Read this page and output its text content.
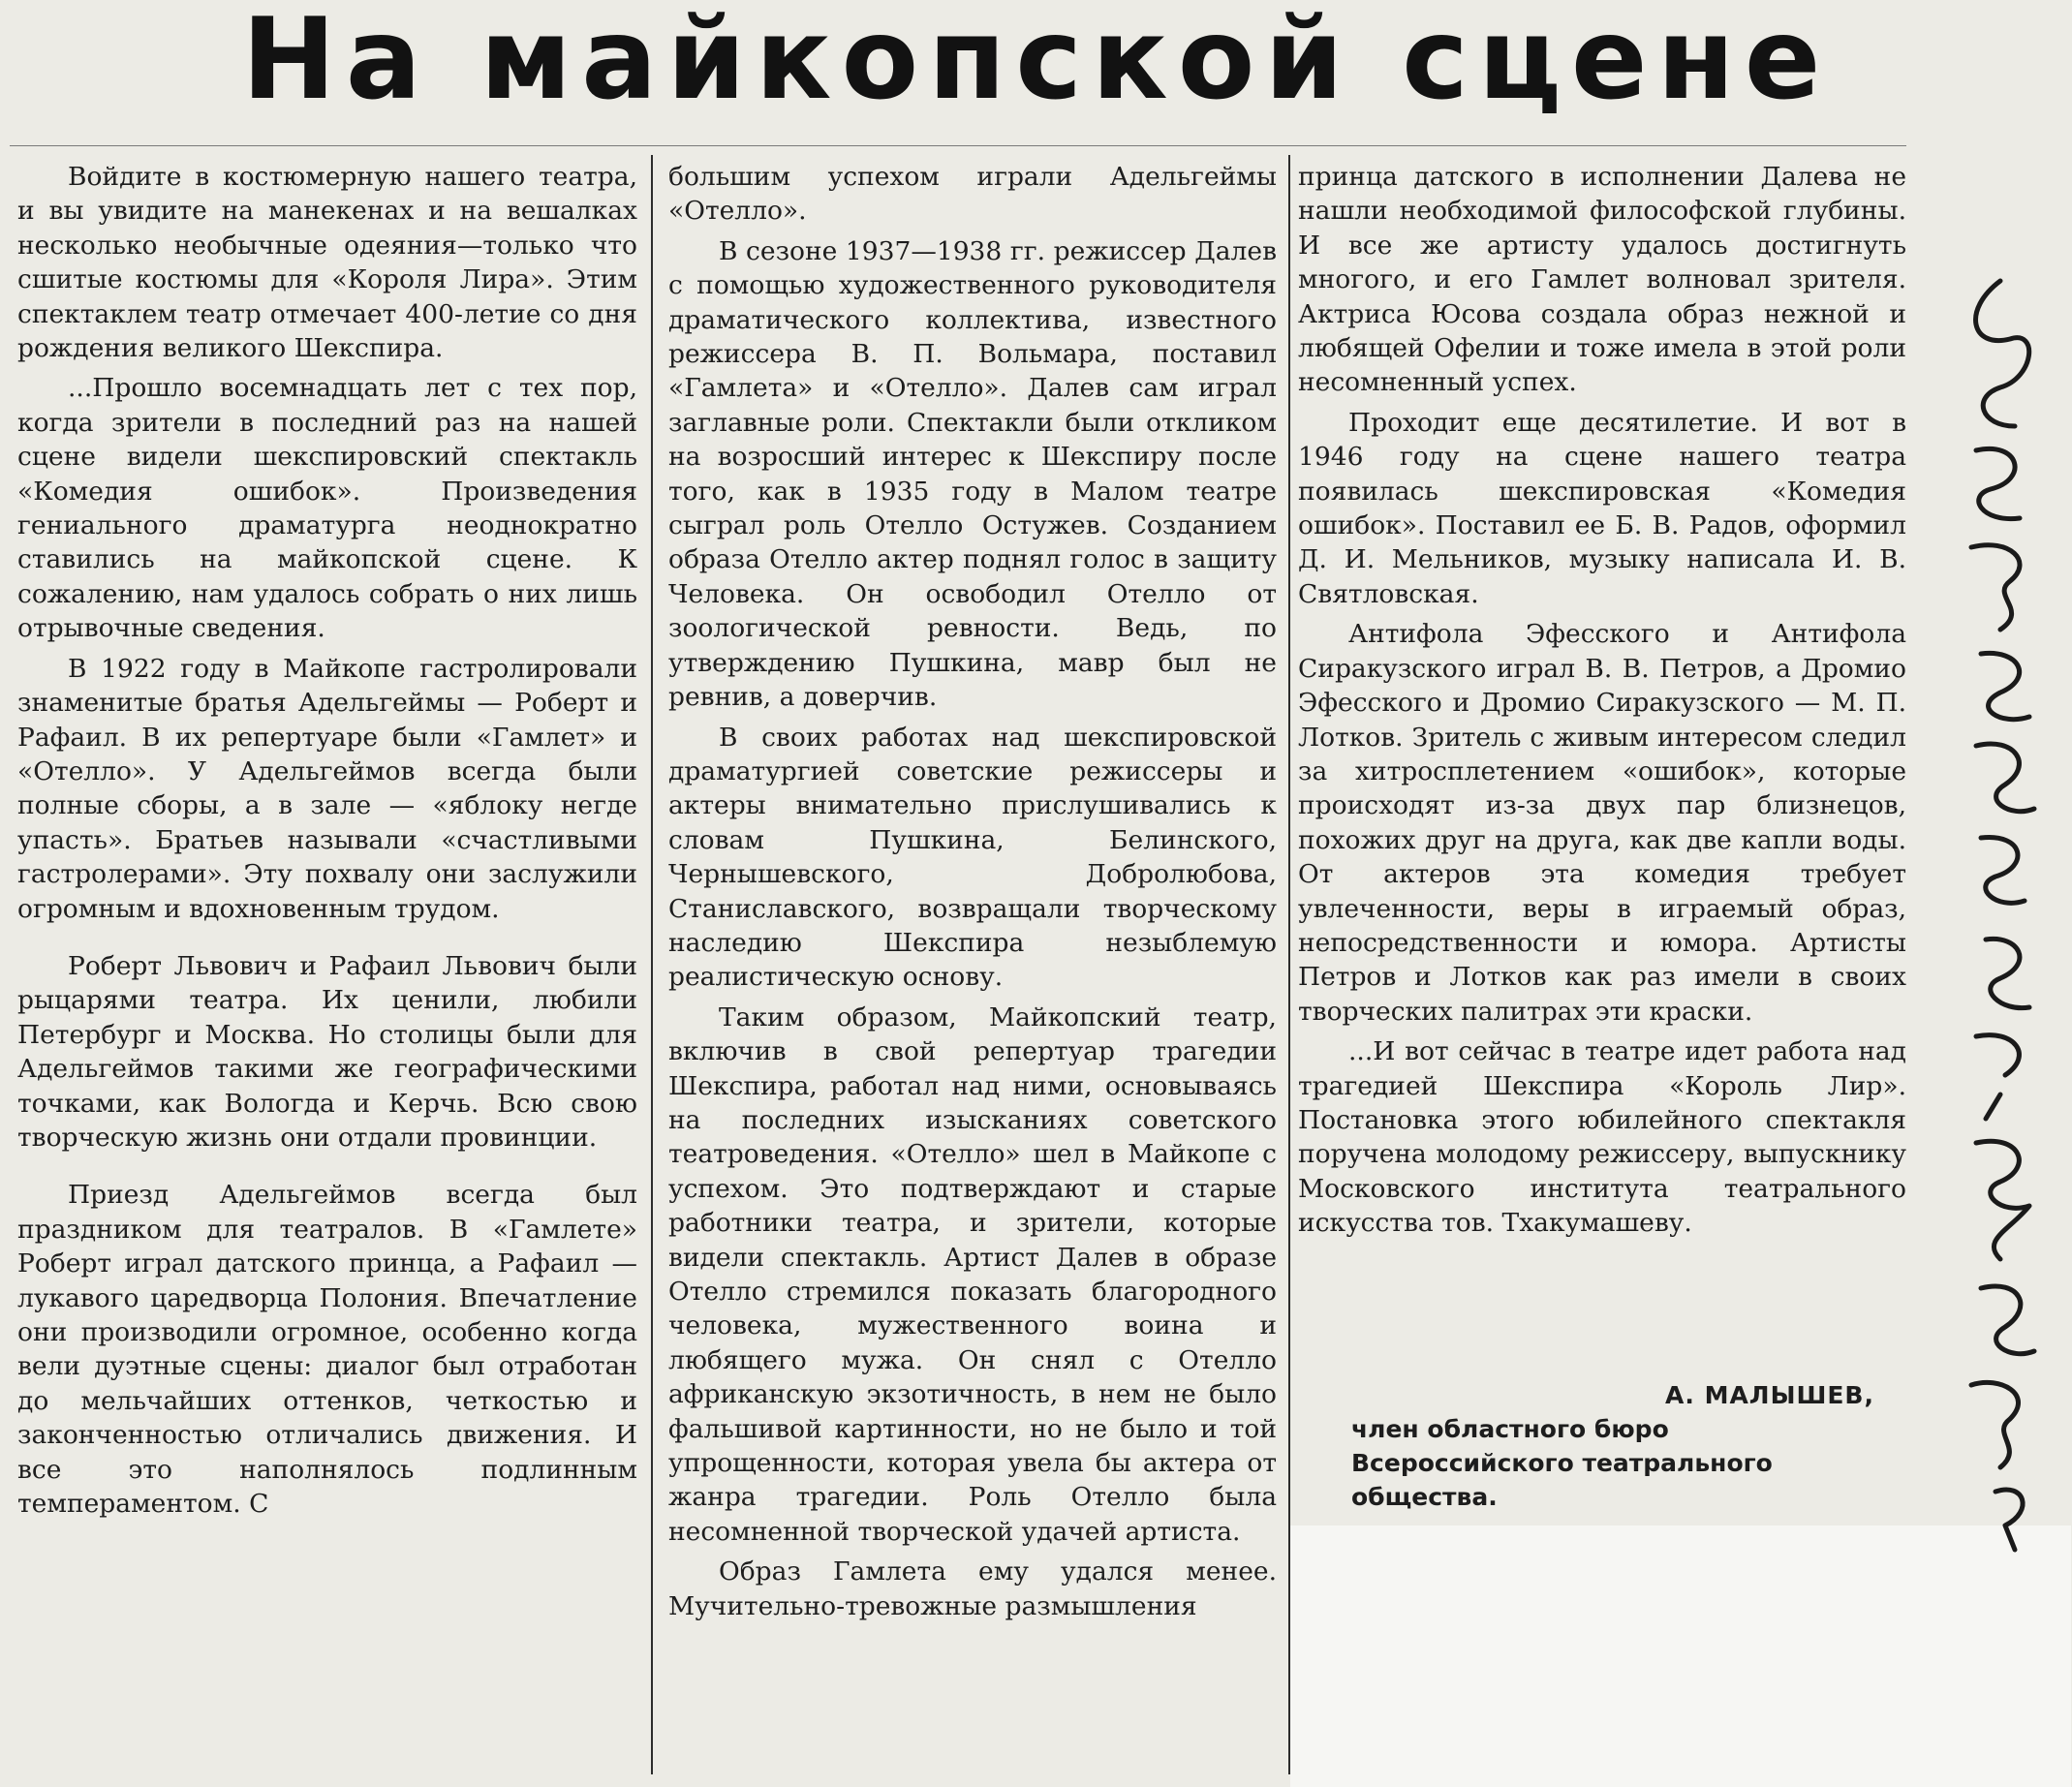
На майкопской сцене

Войдите в костюмерную нашего театра, и вы увидите на манекенах и на вешалках несколько необычные одеяния—только что сшитые костюмы для «Короля Лира». Этим спектаклем театр отмечает 400-летие со дня рождения великого Шекспира.

...Прошло восемнадцать лет с тех пор, когда зрители в последний раз на нашей сцене видели шекспировский спектакль «Комедия ошибок». Произведения гениального драматурга неоднократно ставились на майкопской сцене. К сожалению, нам удалось собрать о них лишь отрывочные сведения.

В 1922 году в Майкопе гастролировали знаменитые братья Адельгеймы — Роберт и Рафаил. В их репертуаре были «Гамлет» и «Отелло». У Адельгеймов всегда были полные сборы, а в зале — «яблоку негде упасть». Братьев называли «счастливыми гастролерами». Эту похвалу они заслужили огромным и вдохновенным трудом.

Роберт Львович и Рафаил Львович были рыцарями театра. Их ценили, любили Петербург и Москва. Но столицы были для Адельгеймов такими же географическими точками, как Вологда и Керчь. Всю свою творческую жизнь они отдали провинции.

Приезд Адельгеймов всегда был праздником для театралов. В «Гамлете» Роберт играл датского принца, а Рафаил — лукавого царедворца Полония. Впечатление они производили огромное, особенно когда вели дуэтные сцены: диалог был отработан до мельчайших оттенков, четкостью и законченностью отличались движения. И все это наполнялось подлинным темпераментом. С

большим успехом играли Адельгеймы «Отелло».

В сезоне 1937—1938 гг. режиссер Далев с помощью художественного руководителя драматического коллектива, известного режиссера В. П. Вольмара, поставил «Гамлета» и «Отелло». Далев сам играл заглавные роли. Спектакли были откликом на возросший интерес к Шекспиру после того, как в 1935 году в Малом театре сыграл роль Отелло Остужев. Созданием образа Отелло актер поднял голос в защиту Человека. Он освободил Отелло от зоологической ревности. Ведь, по утверждению Пушкина, мавр был не ревнив, а доверчив.

В своих работах над шекспировской драматургией советские режиссеры и актеры внимательно прислушивались к словам Пушкина, Белинского, Чернышевского, Добролюбова, Станиславского, возвращали творческому наследию Шекспира незыблемую реалистическую основу.

Таким образом, Майкопский театр, включив в свой репертуар трагедии Шекспира, работал над ними, основываясь на последних изысканиях советского театроведения. «Отелло» шел в Майкопе с успехом. Это подтверждают и старые работники театра, и зрители, которые видели спектакль. Артист Далев в образе Отелло стремился показать благородного человека, мужественного воина и любящего мужа. Он снял с Отелло африканскую экзотичность, в нем не было фальшивой картинности, но не было и той упрощенности, которая увела бы актера от жанра трагедии. Роль Отелло была несомненной творческой удачей артиста.

Образ Гамлета ему удался менее. Мучительно-тревожные размышления

принца датского в исполнении Далева не нашли необходимой философской глубины. И все же артисту удалось достигнуть многого, и его Гамлет волновал зрителя. Актриса Юсова создала образ нежной и любящей Офелии и тоже имела в этой роли несомненный успех.

Проходит еще десятилетие. И вот в 1946 году на сцене нашего театра появилась шекспировская «Комедия ошибок». Поставил ее Б. В. Радов, оформил Д. И. Мельников, музыку написала И. В. Святловская.

Антифола Эфесского и Антифола Сиракузского играл В. В. Петров, а Дромио Эфесского и Дромио Сиракузского — М. П. Лотков. Зритель с живым интересом следил за хитросплетением «ошибок», которые происходят из-за двух пар близнецов, похожих друг на друга, как две капли воды. От актеров эта комедия требует увлеченности, веры в играемый образ, непосредственности и юмора. Артисты Петров и Лотков как раз имели в своих творческих палитрах эти краски.

...И вот сейчас в театре идет работа над трагедией Шекспира «Король Лир». Постановка этого юбилейного спектакля поручена молодому режиссеру, выпускнику Московского института театрального искусства тов. Тхакумашеву.

А. МАЛЫШЕВ,
член областного бюро Всероссийского театрального общества.
